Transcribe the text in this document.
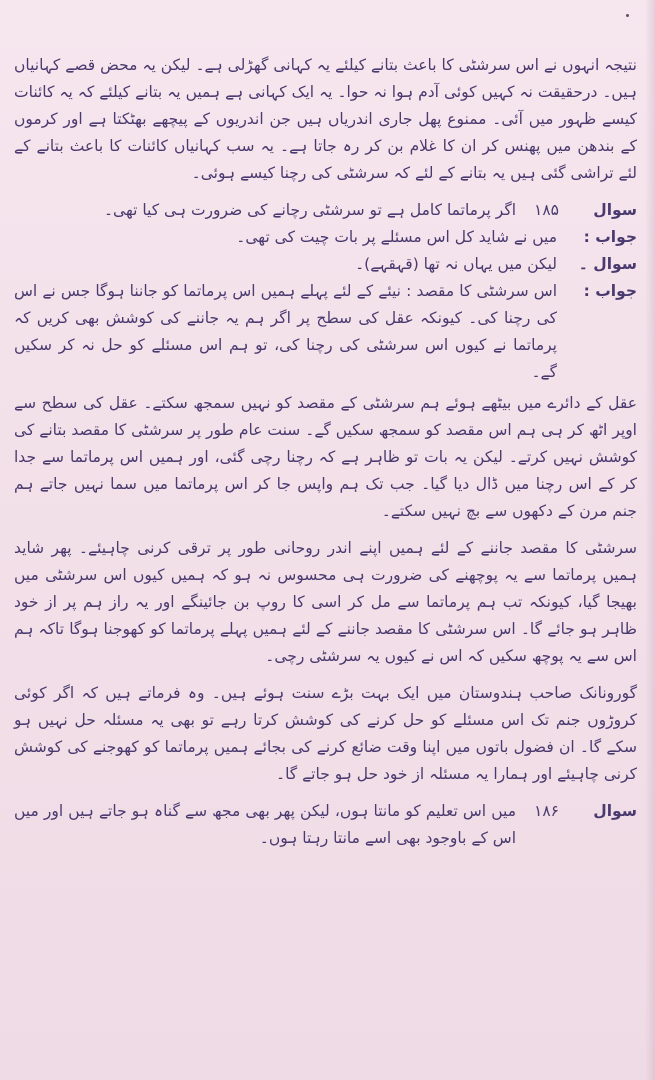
نتیجہ انہوں نے اس سرشٹی کا باعث بتانے کیلئے یہ کہانی گھڑلی ہے۔ لیکن یہ محض قصے کہانیاں ہیں۔ درحقیقت نہ کہیں کوئی آدم ہوا نہ حوا۔ یہ ایک کہانی ہے ہمیں یہ بتانے کیلئے کہ یہ کائنات کیسے ظہور میں آئی۔ ممنوع پھل جاری اندریاں ہیں جن اندریوں کے پیچھے بھٹکتا ہے اور کرموں کے بندھن میں پھنس کر ان کا غلام بن کر رہ جاتا ہے۔ یہ سب کہانیاں کائنات کا باعث بتانے کے لئے تراشی گئی ہیں یہ بتانے کے لئے کہ سرشٹی کی رچنا کیسے ہوئی۔

سوال
۱۸۵
اگر پرماتما کامل ہے تو سرشٹی رچانے کی ضرورت ہی کیا تھی۔
جواب :
میں نے شاید کل اس مسئلے پر بات چیت کی تھی۔
سوال ۔
لیکن میں یہاں نہ تھا (قہقہے)۔
جواب :
اس سرشٹی کا مقصد : نیئے کے لئے پہلے ہمیں اس پرماتما کو جاننا ہوگا جس نے اس کی رچنا کی۔ کیونکہ عقل کی سطح پر اگر ہم یہ جاننے کی کوشش بھی کریں کہ پرماتما نے کیوں اس سرشٹی کی رچنا کی، تو ہم اس مسئلے کو حل نہ کر سکیں گے۔

عقل کے دائرے میں بیٹھے ہوئے ہم سرشٹی کے مقصد کو نہیں سمجھ سکتے۔ عقل کی سطح سے اوپر اٹھ کر ہی ہم اس مقصد کو سمجھ سکیں گے۔ سنت عام طور پر سرشٹی کا مقصد بتانے کی کوشش نہیں کرتے۔ لیکن یہ بات تو ظاہر ہے کہ رچنا رچی گئی، اور ہمیں اس پرماتما سے جدا کر کے اس رچنا میں ڈال دیا گیا۔ جب تک ہم واپس جا کر اس پرماتما میں سما نہیں جاتے ہم جنم مرن کے دکھوں سے بچ نہیں سکتے۔

سرشٹی کا مقصد جاننے کے لئے ہمیں اپنے اندر روحانی طور پر ترقی کرنی چاہیئے۔ پھر شاید ہمیں پرماتما سے یہ پوچھنے کی ضرورت ہی محسوس نہ ہو کہ ہمیں کیوں اس سرشٹی میں بھیجا گیا، کیونکہ تب ہم پرماتما سے مل کر اسی کا روپ بن جائینگے اور یہ راز ہم پر از خود ظاہر ہو جائے گا۔ اس سرشٹی کا مقصد جاننے کے لئے ہمیں پہلے پرماتما کو کھوجنا ہوگا تاکہ ہم اس سے یہ پوچھ سکیں کہ اس نے کیوں یہ سرشٹی رچی۔

گورونانک صاحب ہندوستان میں ایک بہت بڑے سنت ہوئے ہیں۔ وہ فرماتے ہیں کہ اگر کوئی کروڑوں جنم تک اس مسئلے کو حل کرنے کی کوشش کرتا رہے تو بھی یہ مسئلہ حل نہیں ہو سکے گا۔ ان فضول باتوں میں اپنا وقت ضائع کرنے کی بجائے ہمیں پرماتما کو کھوجنے کی کوشش کرنی چاہیئے اور ہمارا یہ مسئلہ از خود حل ہو جاتے گا۔

سوال
۱۸۶
میں اس تعلیم کو مانتا ہوں، لیکن پھر بھی مجھ سے گناہ ہو جاتے ہیں اور میں اس کے باوجود بھی اسے مانتا رہتا ہوں۔
